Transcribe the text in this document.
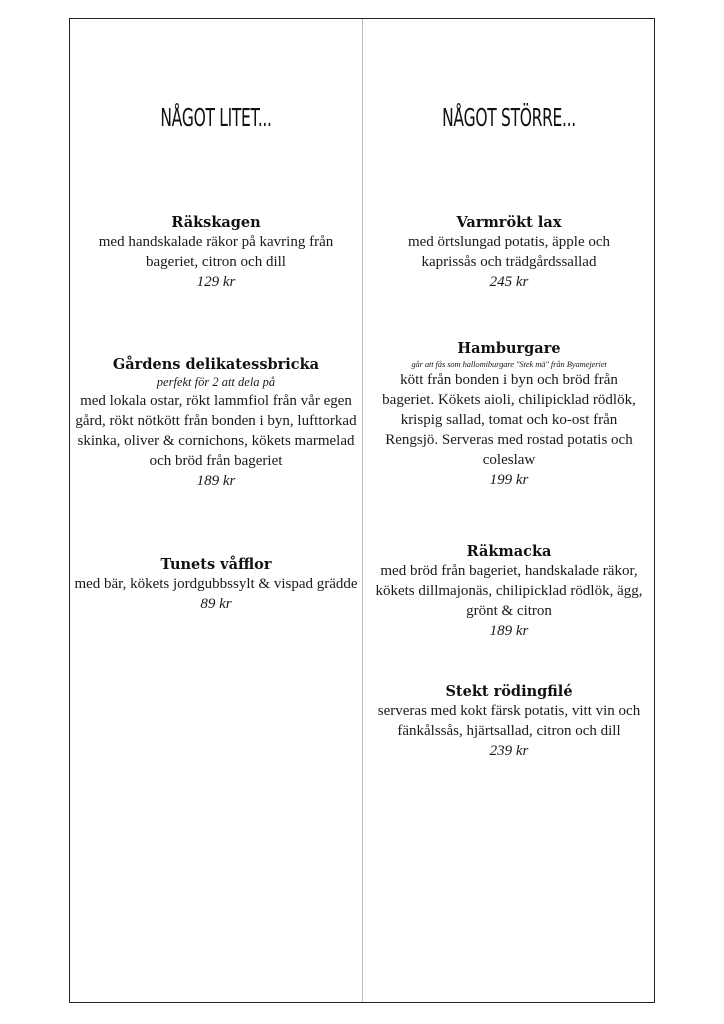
NÅGOT LITET...
Räkskagen
med handskalade räkor på kavring från bageriet, citron och dill
129 kr
Gårdens delikatessbricka
perfekt för 2 att dela på
med lokala ostar, rökt lammfiol från vår egen gård, rökt nötkött från bonden i byn, lufttorkad skinka, oliver & cornichons, kökets marmelad och bröd från bageriet
189 kr
Tunets våfflor
med bär, kökets jordgubbssylt & vispad grädde
89 kr
NÅGOT STÖRRE...
Varmrökt lax
med örtslungad potatis, äpple och kaprissås och trädgårdssallad
245 kr
Hamburgare
går att fås som hallomiburgare "Stek mä" från Byamejeriet
kött från bonden i byn och bröd från bageriet. Kökets aioli, chilipicklad rödlök, krispig sallad, tomat och ko-ost från Rengsjö. Serveras med rostad potatis och coleslaw
199 kr
Räkmacka
med bröd från bageriet, handskalade räkor, kökets dillmajonäs, chilipicklad rödlök, ägg, grönt & citron
189 kr
Stekt rödingfilé
serveras med kokt färsk potatis, vitt vin och fänkålssås, hjärtsallad, citron och dill
239 kr
